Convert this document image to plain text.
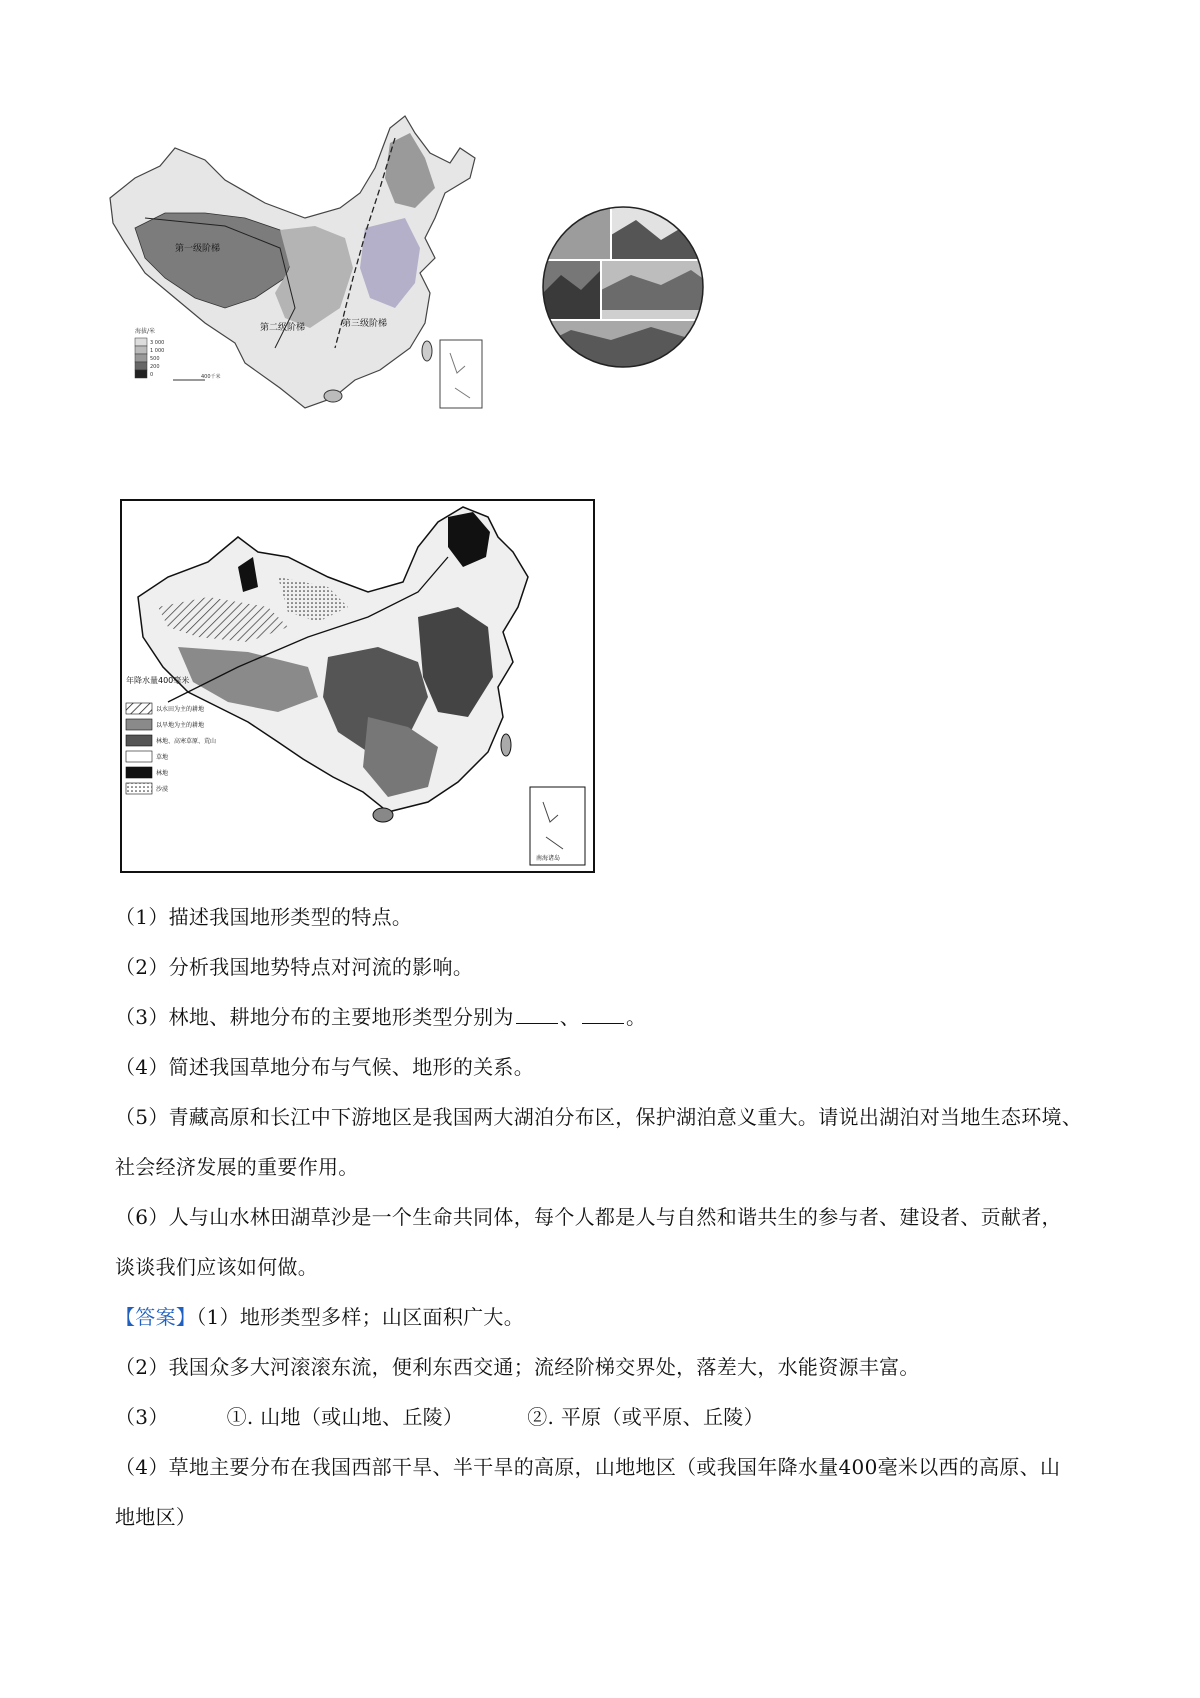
第一级阶梯
第二级阶梯	第三级阶梯
海拔/米
3 000
1 000
500
200
0	400千米
年降水量400毫米
以水田为主的耕地
以旱地为主的耕地
林地、高寒草原、荒山
草地
林地
沙漠
南海诸岛
（1）描述我国地形类型的特点。
（2）分析我国地势特点对河流的影响。
（3）林地、耕地分布的主要地形类型分别为 、 。
（4）简述我国草地分布与气候、地形的关系。
（5）青藏高原和长江中下游地区是我国两大湖泊分布区，保护湖泊意义重大。请说出湖泊对当地生态环境、
社会经济发展的重要作用。
（6）人与山水林田湖草沙是一个生命共同体，每个人都是人与自然和谐共生的参与者、建设者、贡献者，
谈谈我们应该如何做。
【答案】（1）地形类型多样；山区面积广大。
（2）我国众多大河滚滚东流，便利东西交通；流经阶梯交界处，落差大，水能资源丰富。
（3）	①. 山地（或山地、丘陵）	②. 平原（或平原、丘陵）
（4）草地主要分布在我国西部干旱、半干旱的高原，山地地区（或我国年降水量400毫米以西的高原、山
地地区）
